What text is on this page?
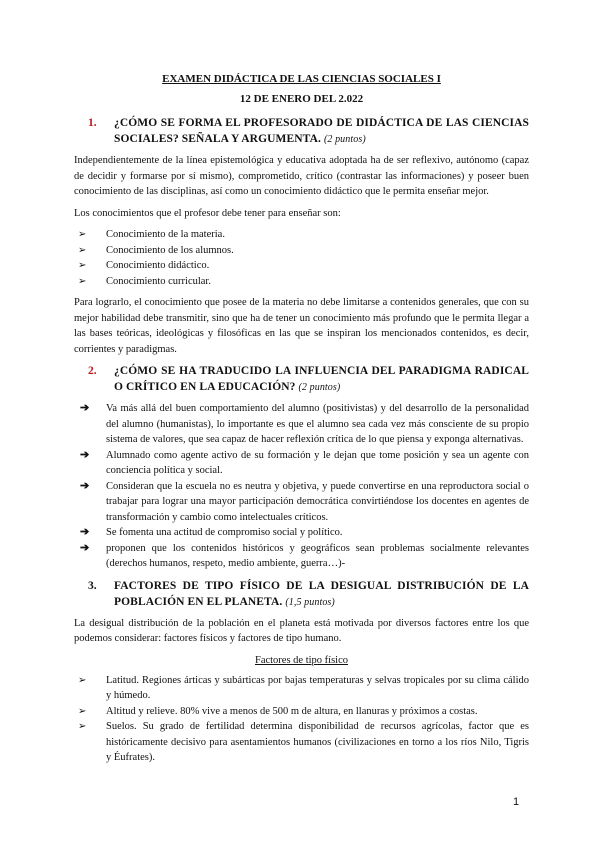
EXAMEN DIDÁCTICA DE LAS CIENCIAS SOCIALES I
12 DE ENERO DEL 2.022
1.	¿CÓMO SE FORMA EL PROFESORADO DE DIDÁCTICA DE LAS CIENCIAS SOCIALES? SEÑALA Y ARGUMENTA. (2 puntos)

Independientemente de la línea epistemológica y educativa adoptada ha de ser reflexivo, autónomo (capaz de decidir y formarse por sí mismo), comprometido, crítico (contrastar las informaciones) y poseer buen conocimiento de las disciplinas, así como un conocimiento didáctico que le permita enseñar mejor.

Los conocimientos que el profesor debe tener para enseñar son:

➢	Conocimiento de la materia.
➢	Conocimiento de los alumnos.
➢	Conocimiento didáctico.
➢	Conocimiento curricular.

Para lograrlo, el conocimiento que posee de la materia no debe limitarse a contenidos generales, que con su mejor habilidad debe transmitir, sino que ha de tener un conocimiento más profundo que le permita llegar a las bases teóricas, ideológicas y filosóficas en las que se inspiran los mencionados contenidos, es decir, corrientes y paradigmas.

2.	¿CÓMO SE HA TRADUCIDO LA INFLUENCIA DEL PARADIGMA RADICAL O CRÍTICO EN LA EDUCACIÓN? (2 puntos)
➔	Va más allá del buen comportamiento del alumno (positivistas) y del desarrollo de la personalidad del alumno (humanistas), lo importante es que el alumno sea cada vez más consciente de su propio sistema de valores, que sea capaz de hacer reflexión crítica de lo que piensa y exponga alternativas.
➔	Alumnado como agente activo de su formación y le dejan que tome posición y sea un agente con conciencia política y social.
➔	Consideran que la escuela no es neutra y objetiva, y puede convertirse en una reproductora social o trabajar para lograr una mayor participación democrática convirtiéndose los docentes en agentes de transformación y cambio como intelectuales críticos.
➔	Se fomenta una actitud de compromiso social y político.
➔	proponen que los contenidos históricos y geográficos sean problemas socialmente relevantes (derechos humanos, respeto, medio ambiente, guerra…)-
3.	FACTORES DE TIPO FÍSICO DE LA DESIGUAL DISTRIBUCIÓN DE LA POBLACIÓN EN EL PLANETA. (1,5 puntos)

La desigual distribución de la población en el planeta está motivada por diversos factores entre los que podemos considerar: factores físicos y factores de tipo humano.

Factores de tipo físico
➢	Latitud. Regiones árticas y subárticas por bajas temperaturas y selvas tropicales por su clima cálido y húmedo.
➢	Altitud y relieve. 80% vive a menos de 500 m de altura, en llanuras y próximos a costas.
➢	Suelos. Su grado de fertilidad determina disponibilidad de recursos agrícolas, factor que es históricamente decisivo para asentamientos humanos (civilizaciones en torno a los ríos Nilo, Tigris y Éufrates).
1
